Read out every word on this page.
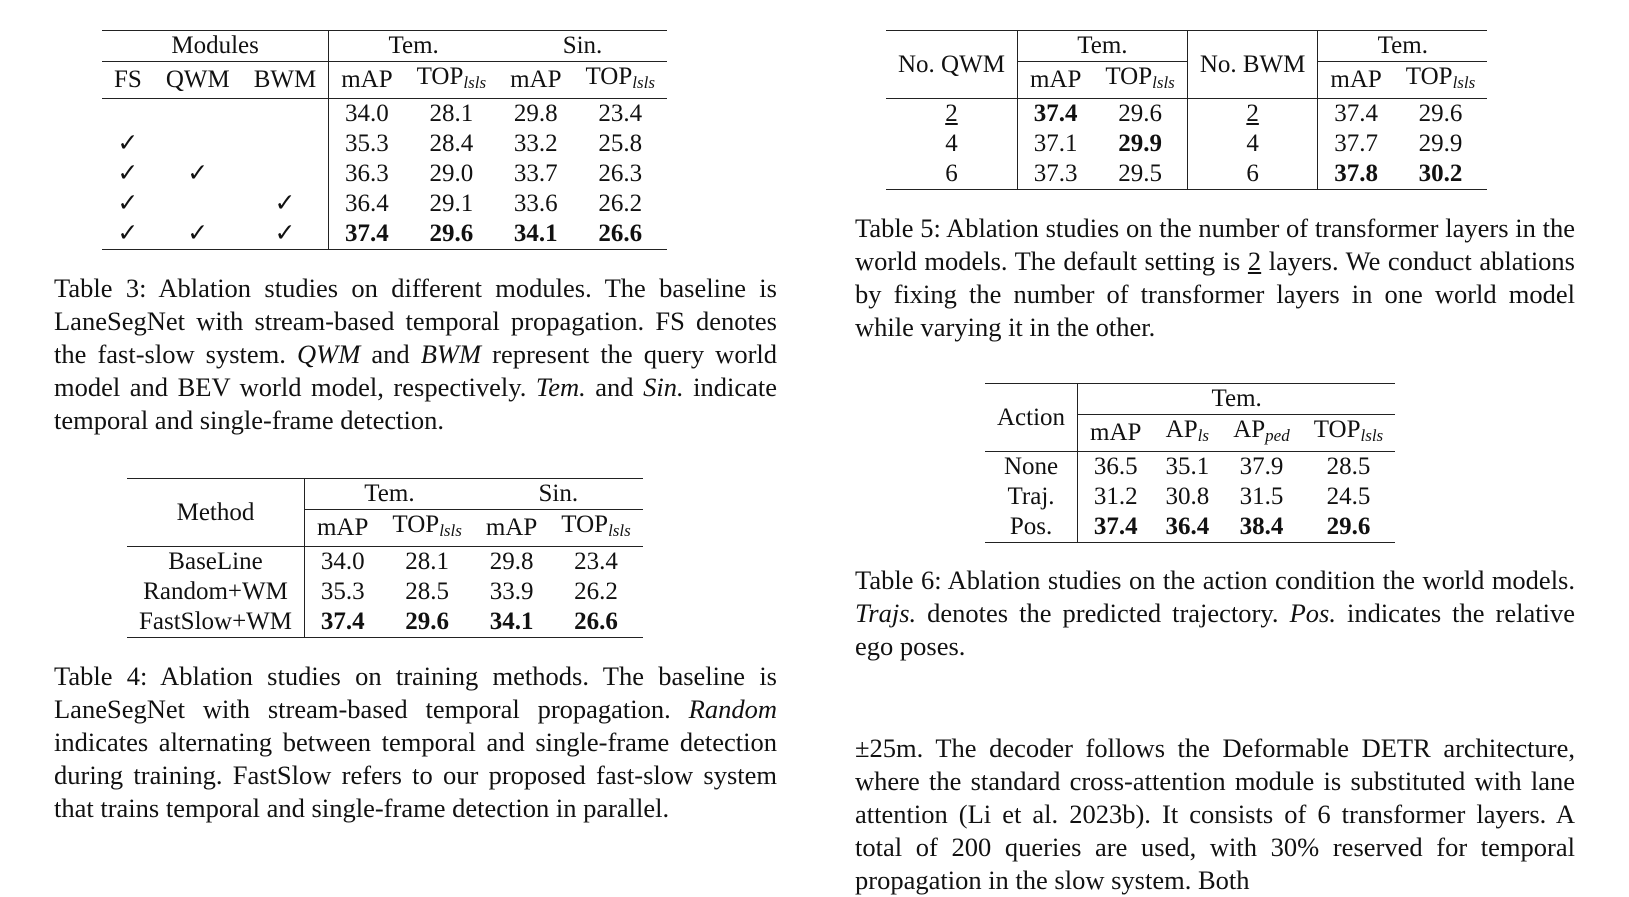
Modules			Tem.		Sin.	
FS	QWM	BWM	mAP	$TOP_{lsls}$	mAP	$TOP_{lsls}$
			34.0	28.1	29.8	23.4
✓			35.3	28.4	33.2	25.8
✓	✓		36.3	29.0	33.7	26.3
✓		✓	36.4	29.1	33.6	26.2
✓	✓	✓	37.4	29.6	34.1	26.6

Table 3: Ablation studies on different modules. The baseline is LaneSegNet with stream-based temporal propagation. FS denotes the fast-slow system. QWM and BWM represent the query world model and BEV world model, respectively. Tem. and Sin. indicate temporal and single-frame detection.

Method	Tem.		Sin.	
	mAP	$TOP_{lsls}$	mAP	$TOP_{lsls}$
BaseLine	34.0	28.1	29.8	23.4
Random+WM	35.3	28.5	33.9	26.2
FastSlow+WM	37.4	29.6	34.1	26.6

Table 4: Ablation studies on training methods. The baseline is LaneSegNet with stream-based temporal propagation. Random indicates alternating between temporal and single-frame detection during training. FastSlow refers to our proposed fast-slow system that trains temporal and single-frame detection in parallel.

No. QWM	Tem.		No. BWM	Tem.	
	mAP	$TOP_{lsls}$		mAP	$TOP_{lsls}$
2	37.4	29.6	2	37.4	29.6
4	37.1	29.9	4	37.7	29.9
6	37.3	29.5	6	37.8	30.2

Table 5: Ablation studies on the number of transformer layers in the world models. The default setting is 2 layers. We conduct ablations by fixing the number of transformer layers in one world model while varying it in the other.

Action	Tem.			
	mAP	$AP_{ls}$	$AP_{ped}$	$TOP_{lsls}$
None	36.5	35.1	37.9	28.5
Traj.	31.2	30.8	31.5	24.5
Pos.	37.4	36.4	38.4	29.6

Table 6: Ablation studies on the action condition the world models. Trajs. denotes the predicted trajectory. Pos. indicates the relative ego poses.

±25m. The decoder follows the Deformable DETR architecture, where the standard cross-attention module is substituted with lane attention (Li et al. 2023b). It consists of 6 transformer layers. A total of 200 queries are used, with 30% reserved for temporal propagation in the slow system. Both
